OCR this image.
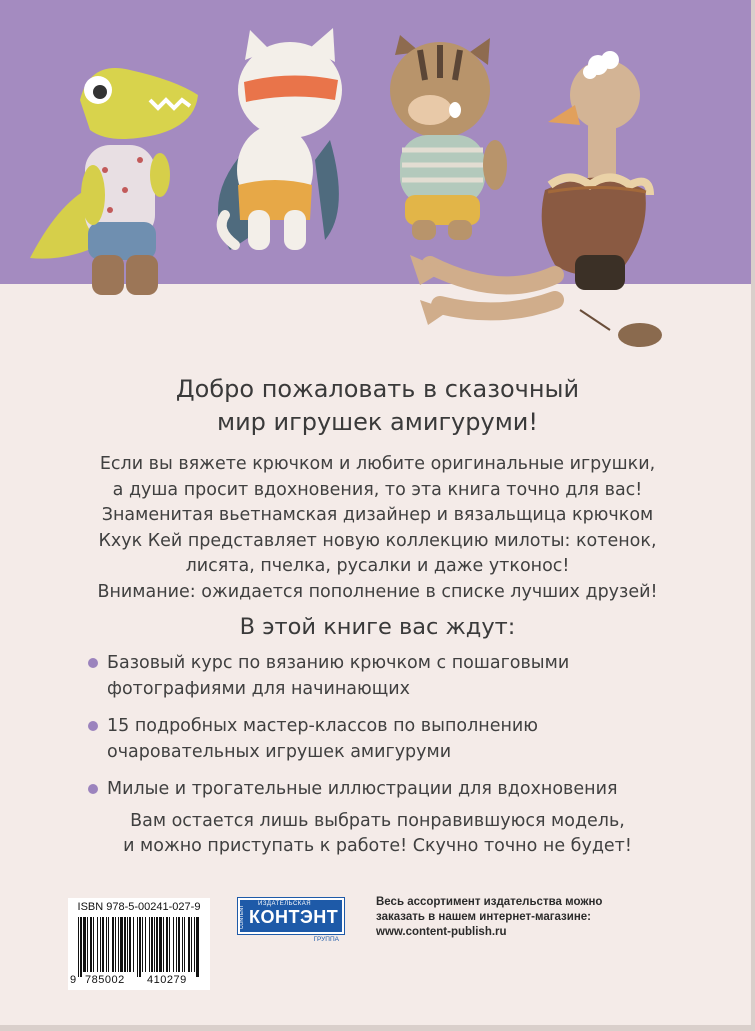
Добро пожаловать в сказочный
мир игрушек амигуруми!

Если вы вяжете крючком и любите оригинальные игрушки,

а душа просит вдохновения, то эта книга точно для вас!

Знаменитая вьетнамская дизайнер и вязальщица крючком

Кхук Кей представляет новую коллекцию милоты: котенок,

лисята, пчелка, русалки и даже утконос!

Внимание: ожидается пополнение в списке лучших друзей!

В этой книге вас ждут:
Базовый курс по вязанию крючком с пошаговыми
фотографиями для начинающих
15 подробных мастер-классов по выполнению
очаровательных игрушек амигуруми
Милые и трогательные иллюстрации для вдохновения

Вам остается лишь выбрать понравившуюся модель,

и можно приступать к работе! Скучно точно не будет!

ISBN 978-5-00241-027-9
9 785002 410279
CONTENT
ИЗДАТЕЛЬСКАЯ
КОНТЭНТ
ГРУППА
Весь ассортимент издательства можно
заказать в нашем интернет-магазине:
www.content-publish.ru
